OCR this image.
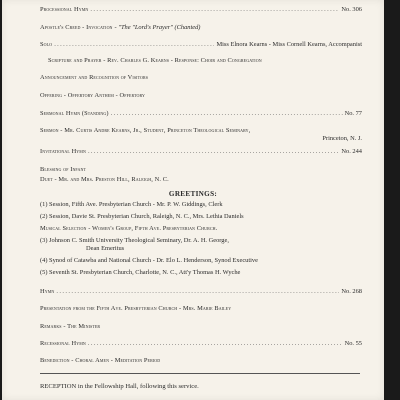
Processional Hymn .....	No. 306
Apostle's Creed - Invocation - "The "Lord's Prayer" (Chanted)
Solo .....	Miss Elnora Kearns - Miss Cornell Kearns, Accompanist
Scripture and Prayer - Rev. Charles G. Kearns - Response: Choir and Congregation
Announcement and Recognition of Visitors
Offering - Offertory Anthem - Offertory
Sermonal Hymn (Standing) .....	No. 77
Sermon - Mr. Curtis Andre Kearns, Jr., Student, Princeton Theological Seminary,
Princeton, N. J.
Invitational Hymn .....	No. 244
Blessing of Infant
Duet - Mr. and Mrs. Preston Hill, Raleigh, N. C.
GREETINGS:
(1) Session, Fifth Ave. Presbyterian Church - Mr. P. W. Giddings, Clerk
(2) Session, Davie St. Presbyterian Church, Raleigh, N. C., Mrs. Lethia Daniels
Musical Selection - Women's Group, Fifth Ave. Presbyterian Church.
(3) Johnson C. Smith University Theological Seminary, Dr. A. H. George,
Dean Emeritus
(4) Synod of Catawba and National Church - Dr. Elo L. Henderson, Synod Executive
(5) Seventh St. Presbyterian Church, Charlotte, N. C., Att'y Thomas H. Wyche
Hymn .....	No. 268
Presentation from the Fifth Ave. Presbyterian Church - Mrs. Marie Bailey
Remarks - The Minister
Recessional Hymn .....	No. 55
Benediction - Choral Amen - Meditation Period
RECEPTION in the Fellowship Hall, following this service.
